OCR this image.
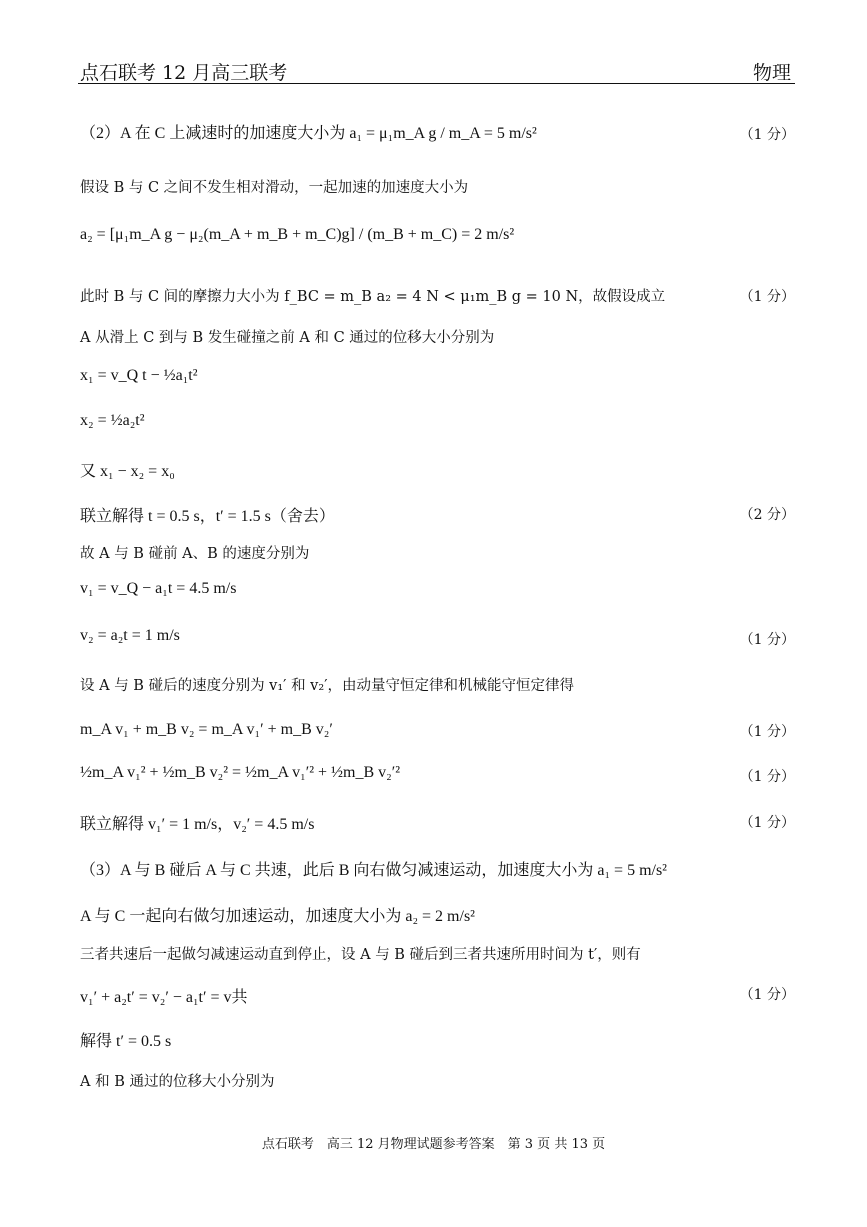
点石联考 12 月高三联考	物理
（2）A 在 C 上减速时的加速度大小为 a₁ = μ₁m_A g / m_A = 5 m/s²	（1 分）
假设 B 与 C 之间不发生相对滑动，一起加速的加速度大小为
a₂ = [μ₁m_A g − μ₂(m_A + m_B + m_C)g] / (m_B + m_C) = 2 m/s²
此时 B 与 C 间的摩擦力大小为 f_BC = m_B a₂ = 4 N < μ₁m_B g = 10 N，故假设成立	（1 分）
A 从滑上 C 到与 B 发生碰撞之前 A 和 C 通过的位移大小分别为
x₁ = v_Q t − ½a₁t²
x₂ = ½a₂t²
又 x₁ − x₂ = x₀
联立解得 t = 0.5 s，t′ = 1.5 s（舍去）	（2 分）
故 A 与 B 碰前 A、B 的速度分别为
v₁ = v_Q − a₁t = 4.5 m/s
v₂ = a₂t = 1 m/s	（1 分）
设 A 与 B 碰后的速度分别为 v₁′ 和 v₂′，由动量守恒定律和机械能守恒定律得
m_A v₁ + m_B v₂ = m_A v₁′ + m_B v₂′	（1 分）
½m_A v₁² + ½m_B v₂² = ½m_A v₁′² + ½m_B v₂′²	（1 分）
联立解得 v₁′ = 1 m/s，v₂′ = 4.5 m/s	（1 分）
（3）A 与 B 碰后 A 与 C 共速，此后 B 向右做匀减速运动，加速度大小为 a₁ = 5 m/s²
A 与 C 一起向右做匀加速运动，加速度大小为 a₂ = 2 m/s²
三者共速后一起做匀减速运动直到停止，设 A 与 B 碰后到三者共速所用时间为 t′，则有
v₁′ + a₂t′ = v₂′ − a₁t′ = v共	（1 分）
解得 t′ = 0.5 s
A 和 B 通过的位移大小分别为
点石联考　高三 12 月物理试题参考答案　第 3 页 共 13 页
